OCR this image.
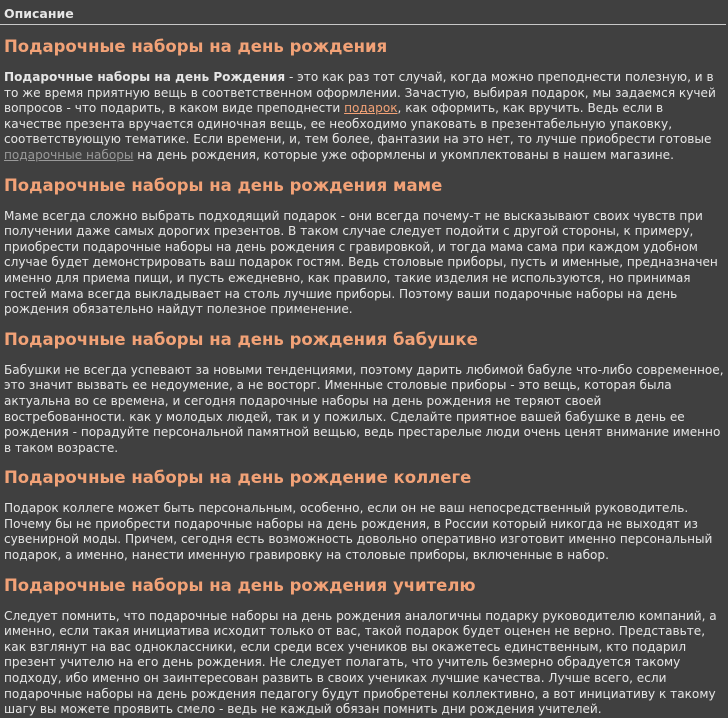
Описание
Подарочные наборы на день рождения

Подарочные наборы на день Рождения - это как раз тот случай, когда можно преподнести полезную, и в то же время приятную вещь в соответственном оформлении. Зачастую, выбирая подарок, мы задаемся кучей вопросов - что подарить, в каком виде преподнести подарок, как оформить, как вручить. Ведь если в качестве презента вручается одиночная вещь, ее необходимо упаковать в презентабельную упаковку, соответствующую тематике. Если времени, и, тем более, фантазии на это нет, то лучше приобрести готовые подарочные наборы на день рождения, которые уже оформлены и укомплектованы в нашем магазине.

Подарочные наборы на день рождения маме

Маме всегда сложно выбрать подходящий подарок - они всегда почему-т не высказывают своих чувств при получении даже самых дорогих презентов. В таком случае следует подойти с другой стороны, к примеру, приобрести подарочные наборы на день рождения с гравировкой, и тогда мама сама при каждом удобном случае будет демонстрировать ваш подарок гостям. Ведь столовые приборы, пусть и именные, предназначен именно для приема пищи, и пусть ежедневно, как правило, такие изделия не используются, но принимая гостей мама всегда выкладывает на столь лучшие приборы. Поэтому ваши подарочные наборы на день рождения обязательно найдут полезное применение.

Подарочные наборы на день рождения бабушке

Бабушки не всегда успевают за новыми тенденциями, поэтому дарить любимой бабуле что-либо современное, это значит вызвать ее недоумение, а не восторг. Именные столовые приборы - это вещь, которая была актуальна во се времена, и сегодня подарочные наборы на день рождения не теряют своей востребованности. как у молодых людей, так и у пожилых. Сделайте приятное вашей бабушке в день ее рождения - порадуйте персональной памятной вещью, ведь престарелые люди очень ценят внимание именно в таком возрасте.

Подарочные наборы на день рождение коллеге

Подарок коллеге может быть персональным, особенно, если он не ваш непосредственный руководитель. Почему бы не приобрести подарочные наборы на день рождения, в России который никогда не выходят из сувенирной моды. Причем, сегодня есть возможность довольно оперативно изготовит именно персональный подарок, а именно, нанести именную гравировку на столовые приборы, включенные в набор.

Подарочные наборы на день рождения учителю

Следует помнить, что подарочные наборы на день рождения аналогичны подарку руководителю компаний, а именно, если такая инициатива исходит только от вас, такой подарок будет оценен не верно. Представьте, как взглянут на вас одноклассники, если среди всех учеников вы окажетесь единственным, кто подарил презент учителю на его день рождения. Не следует полагать, что учитель безмерно обрадуется такому подходу, ибо именно он заинтересован развить в своих учениках лучшие качества. Лучше всего, если подарочные наборы на день рождения педагогу будут приобретены коллективно, а вот инициативу к такому шагу вы можете проявить смело - ведь не каждый обязан помнить дни рождения учителей.
